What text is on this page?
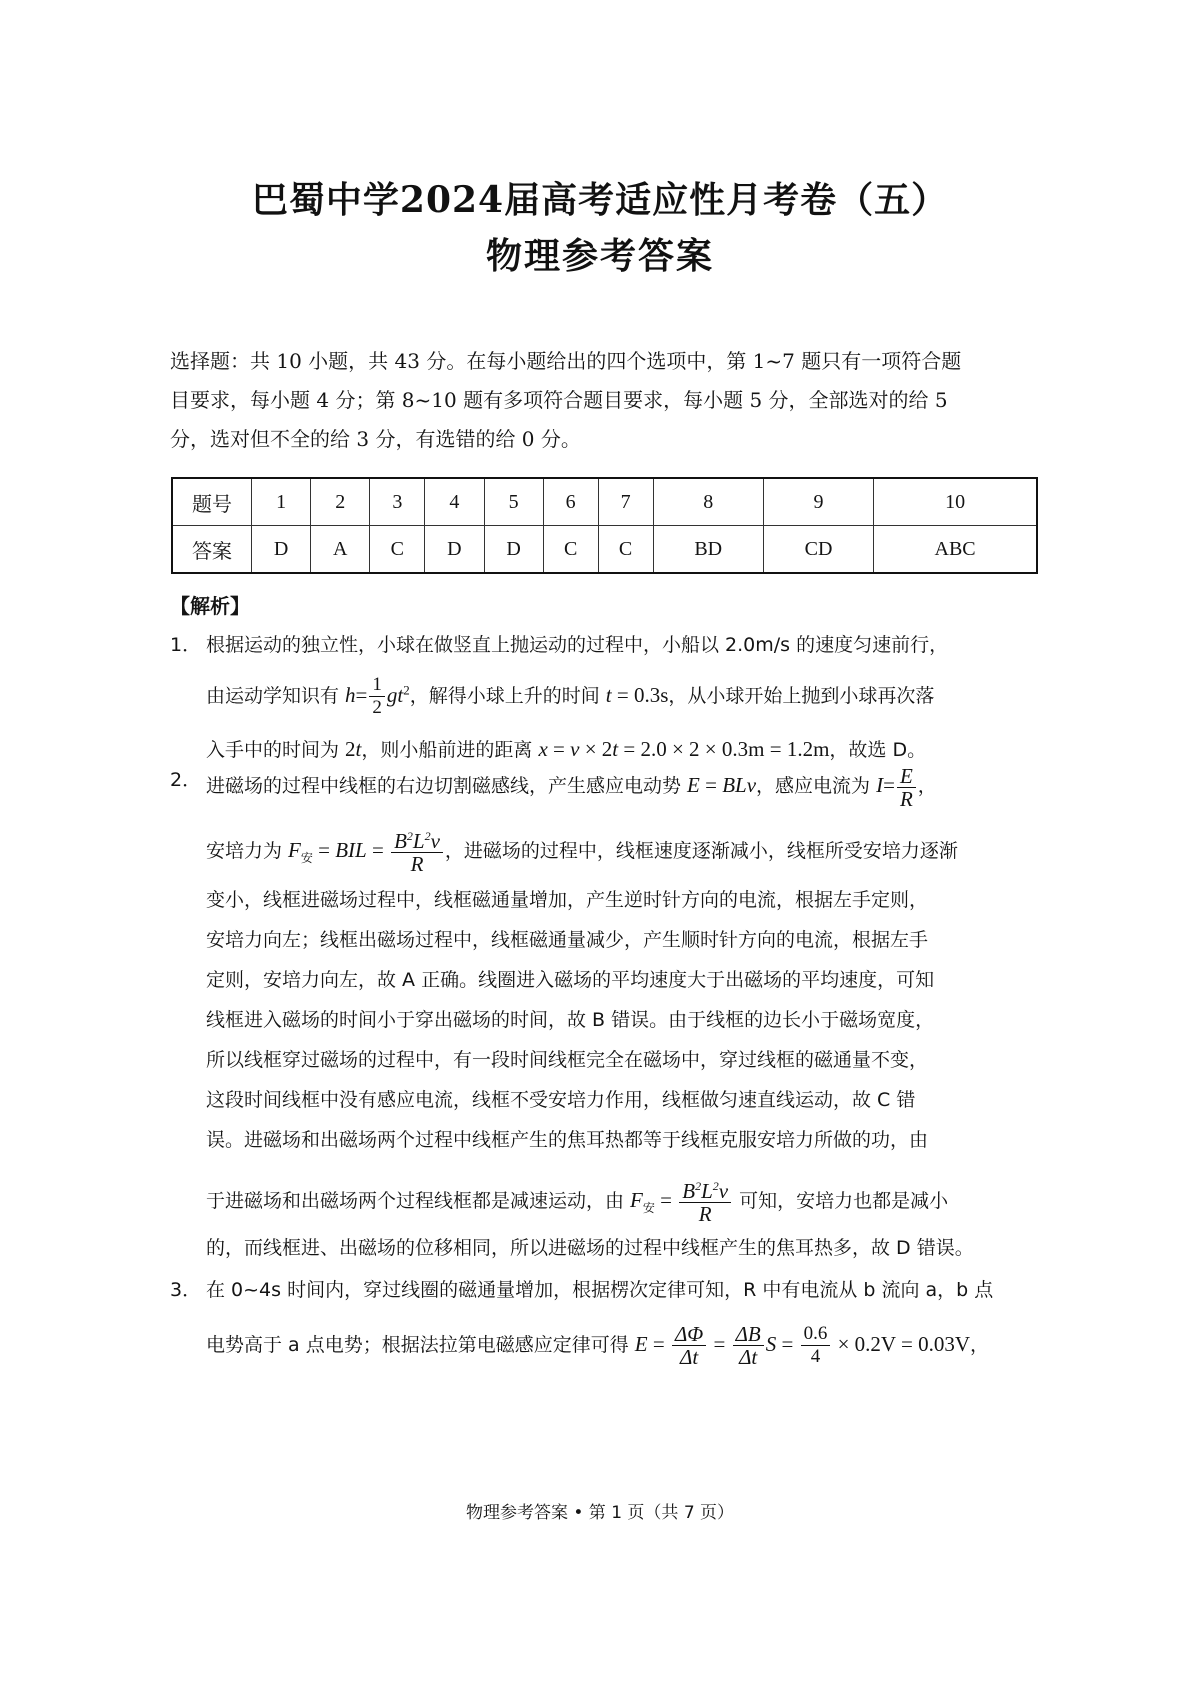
巴蜀中学2024届高考适应性月考卷（五）
物理参考答案
选择题：共 10 小题，共 43 分。在每小题给出的四个选项中，第 1~7 题只有一项符合题
目要求，每小题 4 分；第 8~10 题有多项符合题目要求，每小题 5 分，全部选对的给 5
分，选对但不全的给 3 分，有选错的给 0 分。
题号	1	2	3	4	5	6	7	8	9	10
答案	D	A	C	D	D	C	C	BD	CD	ABC
【解析】
1． 根据运动的独立性，小球在做竖直上抛运动的过程中，小船以 2.0m/s 的速度匀速前行，
由运动学知识有 $h= \frac{1}{2} gt^2$，解得小球上升的时间 t = 0.3s，从小球开始上抛到小球再次落
入手中的时间为 2t，则小船前进的距离 x = v × 2t = 2.0 × 2 × 0.3m = 1.2m，故选 D。
2． 进磁场的过程中线框的右边切割磁感线，产生感应电动势 E = BLv，感应电流为 $I= \frac{E}{R}$ ，
安培力为 $F_安$ = BIL = $\frac{B^2L^2v}{R}$ ，进磁场的过程中，线框速度逐渐减小，线框所受安培力逐渐
变小，线框进磁场过程中，线框磁通量增加，产生逆时针方向的电流，根据左手定则，
安培力向左；线框出磁场过程中，线框磁通量减少，产生顺时针方向的电流，根据左手
定则，安培力向左，故 A 正确。线圈进入磁场的平均速度大于出磁场的平均速度，可知
线框进入磁场的时间小于穿出磁场的时间，故 B 错误。由于线框的边长小于磁场宽度，
所以线框穿过磁场的过程中，有一段时间线框完全在磁场中，穿过线框的磁通量不变，
这段时间线框中没有感应电流，线框不受安培力作用，线框做匀速直线运动，故 C 错
误。进磁场和出磁场两个过程中线框产生的焦耳热都等于线框克服安培力所做的功，由
于进磁场和出磁场两个过程线框都是减速运动，由 $F_安 = \frac{B^2L^2v}{R}$ 可知，安培力也都是减小
的，而线框进、出磁场的位移相同，所以进磁场的过程中线框产生的焦耳热多，故 D 错误。
3． 在 0~4s 时间内，穿过线圈的磁通量增加，根据楞次定律可知，R 中有电流从 b 流向 a，b 点
电势高于 a 点电势；根据法拉第电磁感应定律可得 $E = \frac{\Delta\Phi}{\Delta t} = \frac{\Delta B}{\Delta t}$ $S = \frac{0.6}{4} \times 0.2V = 0.03V$，
物理参考答案 • 第 1 页（共 7 页）
